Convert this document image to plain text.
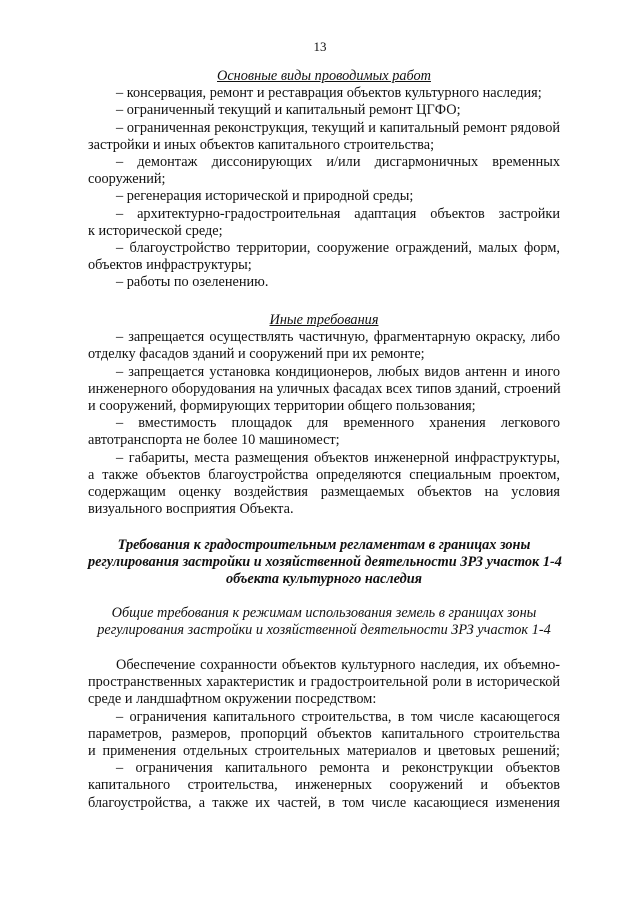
13
Основные виды проводимых работ
– консервация, ремонт и реставрация объектов культурного наследия;
– ограниченный текущий и капитальный ремонт ЦГФО;
– ограниченная реконструкция, текущий и капитальный ремонт рядовой
застройки и иных объектов капитального строительства;
– демонтаж диссонирующих и/или дисгармоничных временных
сооружений;
– регенерация исторической и природной среды;
– архитектурно-градостроительная адаптация объектов застройки
к исторической среде;
– благоустройство территории, сооружение ограждений, малых форм,
объектов инфраструктуры;
– работы по озеленению.
Иные требования
– запрещается осуществлять частичную, фрагментарную окраску, либо
отделку фасадов зданий и сооружений при их ремонте;
– запрещается установка кондиционеров, любых видов антенн и иного
инженерного оборудования на уличных фасадах всех типов зданий, строений
и сооружений, формирующих территории общего пользования;
– вместимость площадок для временного хранения легкового
автотранспорта не более 10 машиномест;
– габариты, места размещения объектов инженерной инфраструктуры,
а также объектов благоустройства определяются специальным проектом,
содержащим оценку воздействия размещаемых объектов на условия
визуального восприятия Объекта.
Требования к градостроительным регламентам в границах зоны
регулирования застройки и хозяйственной деятельности ЗРЗ участок 1-4
объекта культурного наследия
Общие требования к режимам использования земель в границах зоны
регулирования застройки и хозяйственной деятельности ЗРЗ участок 1-4
Обеспечение сохранности объектов культурного наследия, их объемно-
пространственных характеристик и градостроительной роли в исторической
среде и ландшафтном окружении посредством:
– ограничения капитального строительства, в том числе касающегося
параметров, размеров, пропорций объектов капитального строительства
и применения отдельных строительных материалов и цветовых решений;
– ограничения капитального ремонта и реконструкции объектов
капитального строительства, инженерных сооружений и объектов
благоустройства, а также их частей, в том числе касающиеся изменения
